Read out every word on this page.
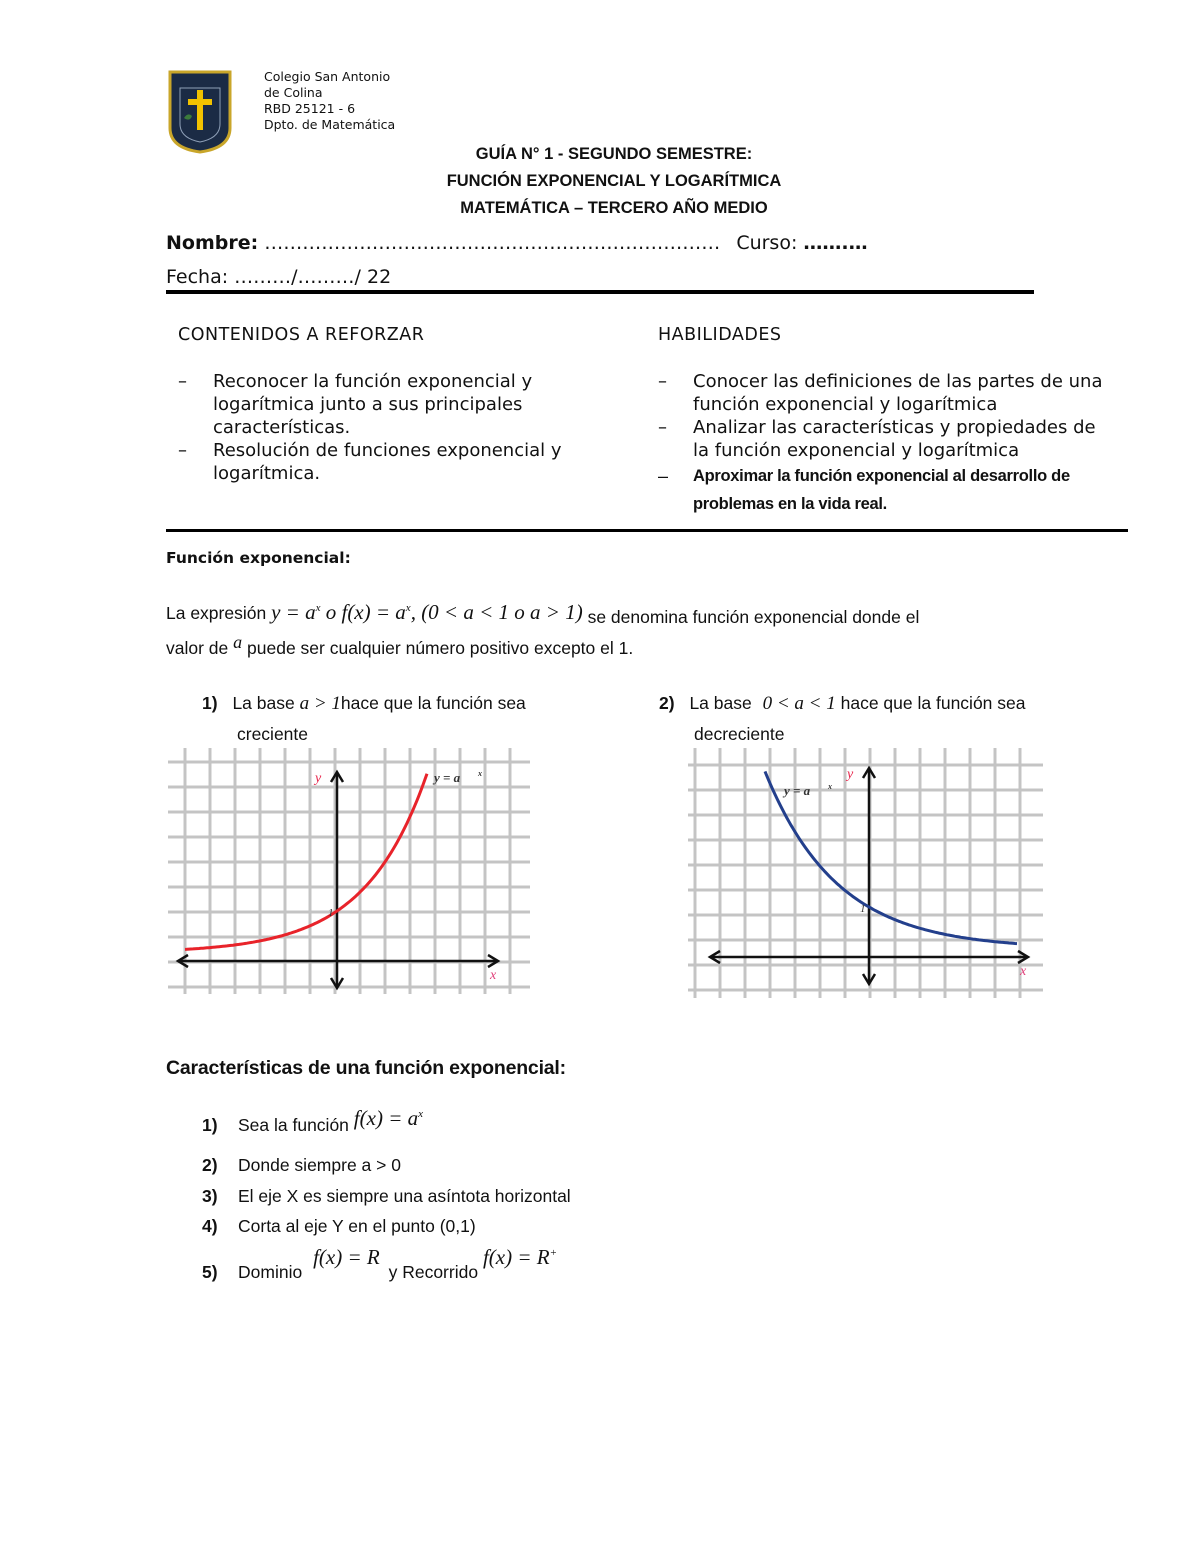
Colegio San Antonio
de Colina
RBD 25121 - 6
Dpto. de Matemática
GUÍA N° 1 - SEGUNDO SEMESTRE:
FUNCIÓN EXPONENCIAL Y LOGARÍTMICA
MATEMÁTICA – TERCERO AÑO MEDIO
Nombre: ……………………………………………………………… Curso: …….…
Fecha: ………/………/ 22
CONTENIDOS A REFORZAR
– Reconocer la función exponencial y logarítmica junto a sus principales características.
– Resolución de funciones exponencial y logarítmica.
HABILIDADES
– Conocer las definiciones de las partes de una función exponencial y logarítmica
– Analizar las características y propiedades de la función exponencial y logarítmica
– Aproximar la función exponencial al desarrollo de problemas en la vida real.
Función exponencial:
La expresión $y = a^x$ o $f(x) = a^x$, (0 < a < 1 o a > 1) se denomina función exponencial donde el
valor de a puede ser cualquier número positivo excepto el 1.
1) La base a > 1hace que la función sea
creciente
2) La base 0 < a < 1 hace que la función sea
decreciente
y
x
1
y = a x	y
x
1
y = a x
Características de una función exponencial:
1) Sea la función $f(x) = a^x$
2) Donde siempre a > 0
3) El eje X es siempre una asíntota horizontal
4) Corta al eje Y en el punto (0,1)
5) Dominio f(x) = R y Recorrido f(x) = R+
